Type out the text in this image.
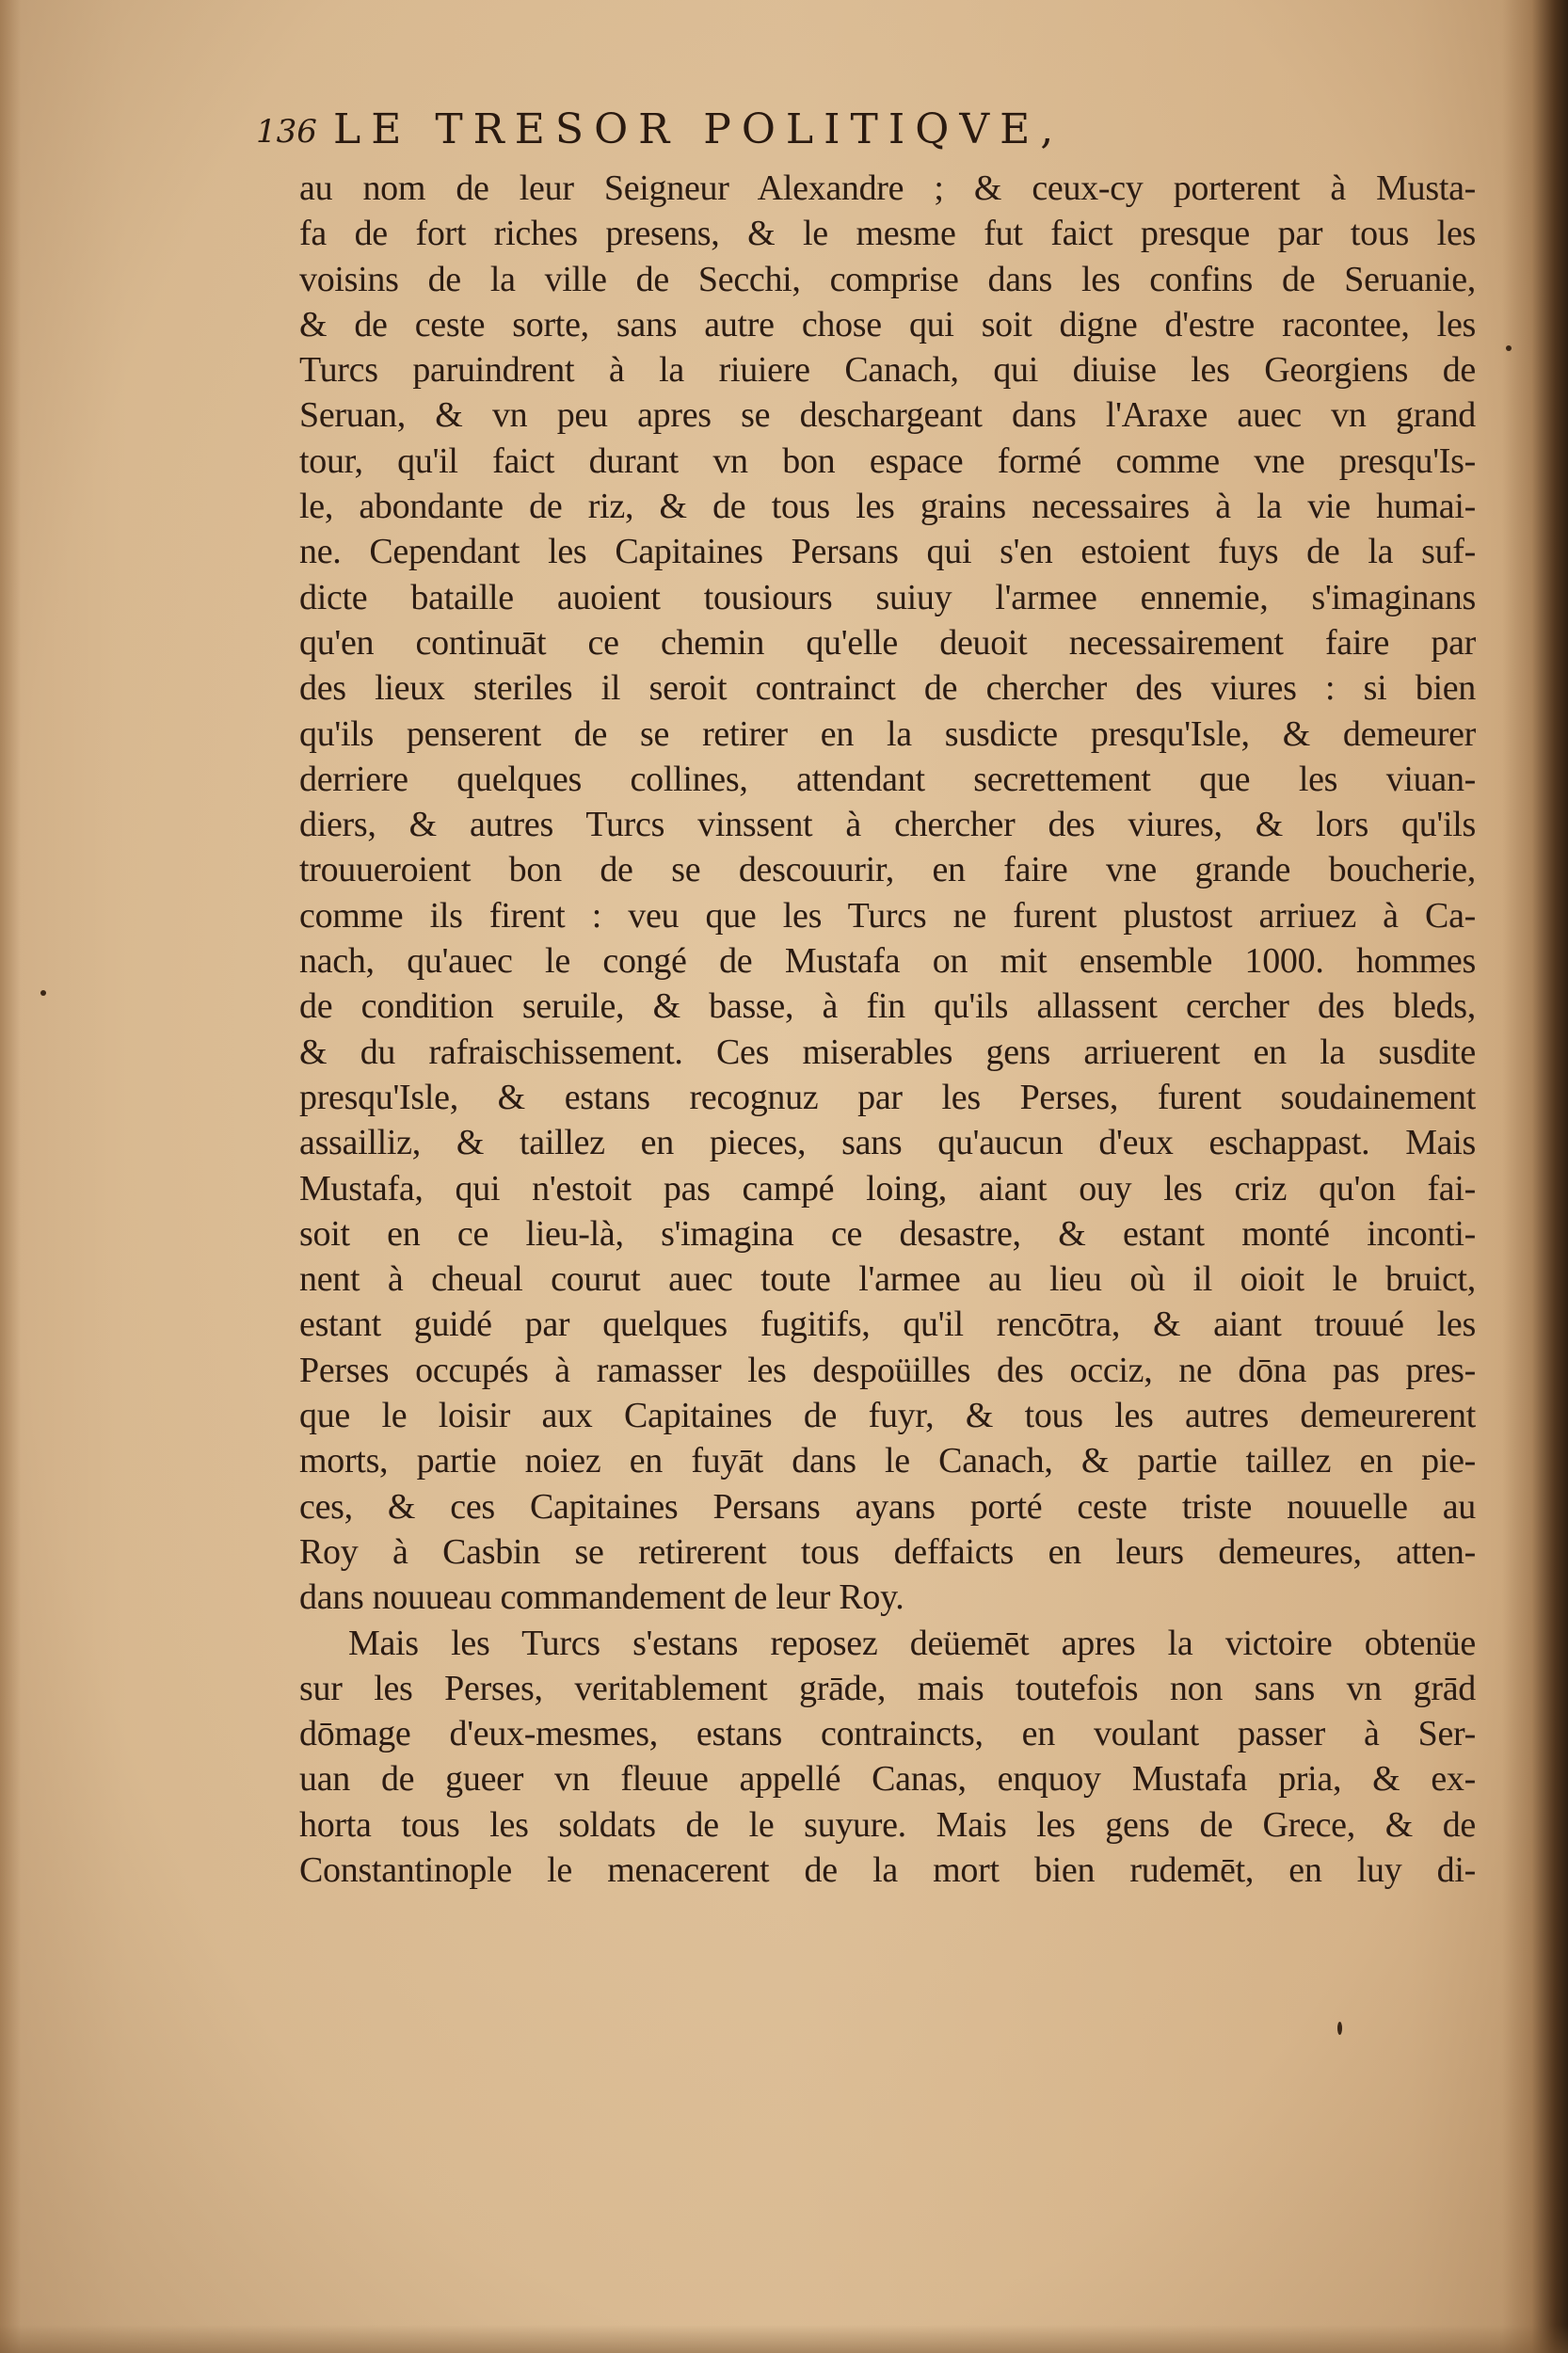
136 LE TRESOR POLITIQVE,
au nom de leur Seigneur Alexandre ; & ceux-cy porterent à Musta-
fa de fort riches presens, & le mesme fut faict presque par tous les
voisins de la ville de Secchi, comprise dans les confins de Seruanie,
& de ceste sorte, sans autre chose qui soit digne d'estre racontee, les
Turcs paruindrent à la riuiere Canach, qui diuise les Georgiens de
Seruan, & vn peu apres se deschargeant dans l'Araxe auec vn grand
tour, qu'il faict durant vn bon espace formé comme vne presqu'Is-
le, abondante de riz, & de tous les grains necessaires à la vie humai-
ne. Cependant les Capitaines Persans qui s'en estoient fuys de la suf-
dicte bataille auoient tousiours suiuy l'armee ennemie, s'imaginans
qu'en continuāt ce chemin qu'elle deuoit necessairement faire par
des lieux steriles il seroit contrainct de chercher des viures : si bien
qu'ils penserent de se retirer en la susdicte presqu'Isle, & demeurer
derriere quelques collines, attendant secrettement que les viuan-
diers, & autres Turcs vinssent à chercher des viures, & lors qu'ils
trouueroient bon de se descouurir, en faire vne grande boucherie,
comme ils firent : veu que les Turcs ne furent plustost arriuez à Ca-
nach, qu'auec le congé de Mustafa on mit ensemble 1000. hommes
de condition seruile, & basse, à fin qu'ils allassent cercher des bleds,
& du rafraischissement. Ces miserables gens arriuerent en la susdite
presqu'Isle, & estans recognuz par les Perses, furent soudainement
assailliz, & taillez en pieces, sans qu'aucun d'eux eschappast. Mais
Mustafa, qui n'estoit pas campé loing, aiant ouy les criz qu'on fai-
soit en ce lieu-là, s'imagina ce desastre, & estant monté inconti-
nent à cheual courut auec toute l'armee au lieu où il oioit le bruict,
estant guidé par quelques fugitifs, qu'il rencōtra, & aiant trouué les
Perses occupés à ramasser les despoüilles des occiz, ne dōna pas pres-
que le loisir aux Capitaines de fuyr, & tous les autres demeurerent
morts, partie noiez en fuyāt dans le Canach, & partie taillez en pie-
ces, & ces Capitaines Persans ayans porté ceste triste nouuelle au
Roy à Casbin se retirerent tous deffaicts en leurs demeures, atten-
dans nouueau commandement de leur Roy.
Mais les Turcs s'estans reposez deüemēt apres la victoire obtenüe
sur les Perses, veritablement grāde, mais toutefois non sans vn grād
dōmage d'eux-mesmes, estans contraincts, en voulant passer à Ser-
uan de gueer vn fleuue appellé Canas, enquoy Mustafa pria, & ex-
horta tous les soldats de le suyure. Mais les gens de Grece, & de
Constantinople le menacerent de la mort bien rudemēt, en luy di-
